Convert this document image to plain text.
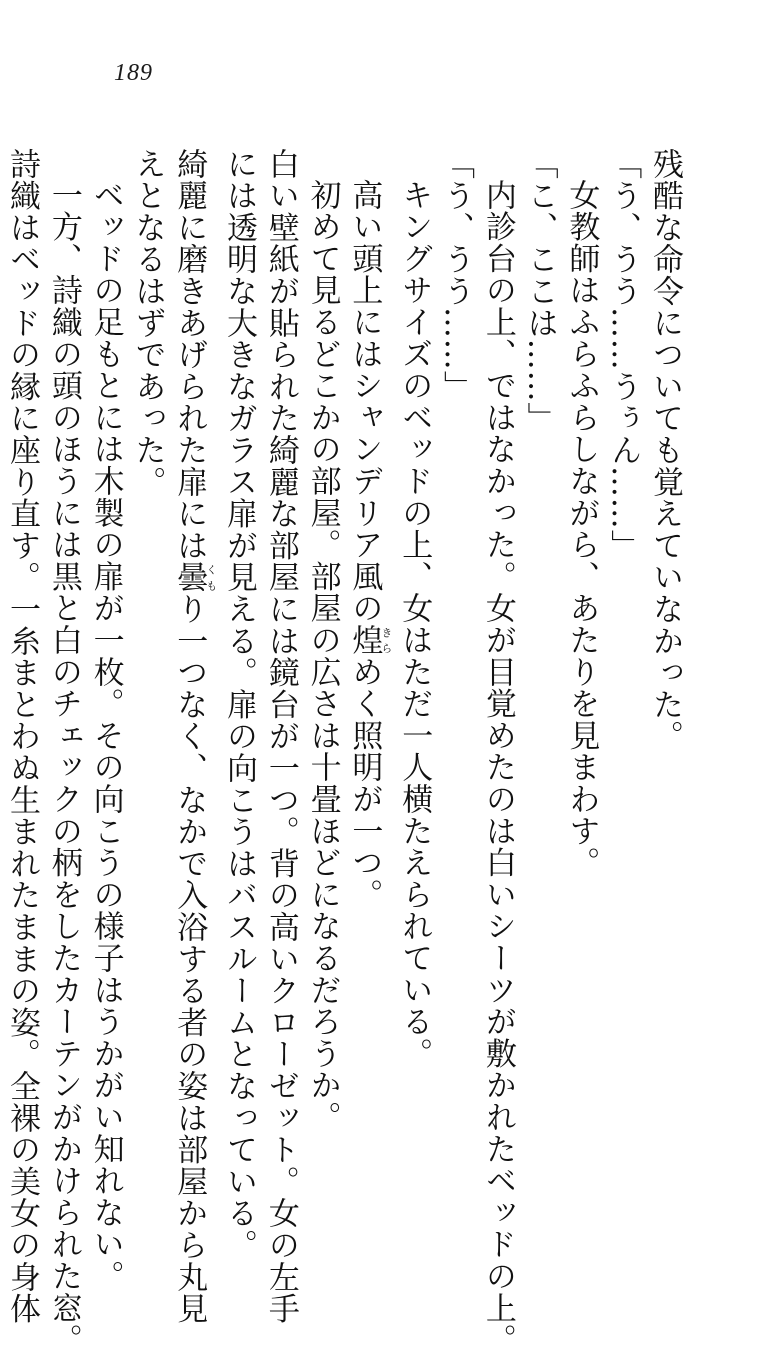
189

残酷な命令についても覚えていなかった。

「う、うう……うぅん……」

女教師はふらふらしながら、あたりを見まわす。

「こ、ここは……」

内診台の上、ではなかった。女が目覚めたのは白いシーツが敷かれたベッドの上。

「う、うう……」

キングサイズのベッドの上、女はただ一人横たえられている。

高い頭上にはシャンデリア風の煌きらめく照明が一つ。

初めて見るどこかの部屋。部屋の広さは十畳ほどになるだろうか。

白い壁紙が貼られた綺麗な部屋には鏡台が一つ。背の高いクローゼット。女の左手

には透明な大きなガラス扉が見える。扉の向こうはバスルームとなっている。

綺麗に磨きあげられた扉には曇くもり一つなく、なかで入浴する者の姿は部屋から丸見

えとなるはずであった。

ベッドの足もとには木製の扉が一枚。その向こうの様子はうかがい知れない。

一方、詩織の頭のほうには黒と白のチェックの柄をしたカーテンがかけられた窓。

詩織はベッドの縁に座り直す。一糸まとわぬ生まれたままの姿。全裸の美女の身体
